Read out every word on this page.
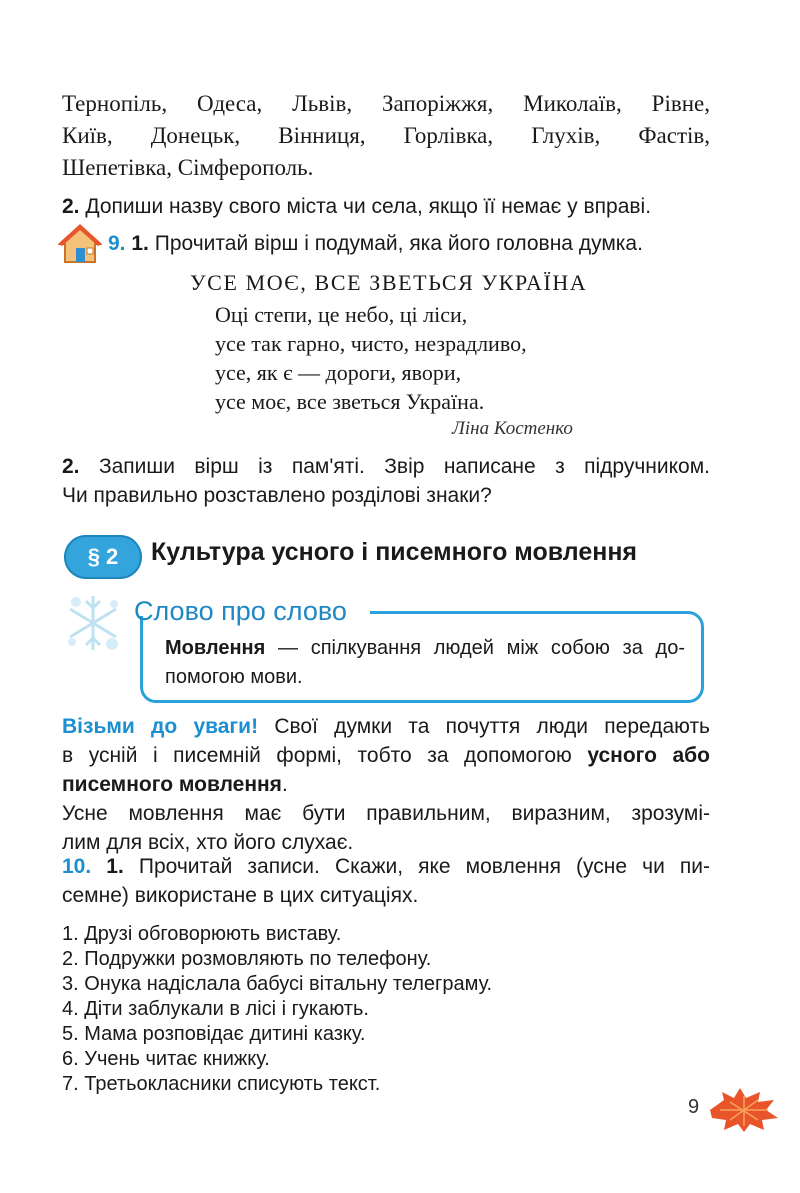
Тернопіль, Одеса, Львів, Запоріжжя, Миколаїв, Рівне,
Київ, Донецьк, Вінниця, Горлівка, Глухів, Фастів,
Шепетівка, Сімферополь.
2. Допиши назву свого міста чи села, якщо її немає у вправі.
9. 1. Прочитай вірш і подумай, яка його головна думка.
УСЕ МОЄ, ВСЕ ЗВЕТЬСЯ УКРАЇНА
Оці степи, це небо, ці ліси,
усе так гарно, чисто, незрадливо,
усе, як є — дороги, явори,
усе моє, все зветься Україна.
Ліна Костенко
2. Запиши вірш із пам'яті. Звір написане з підручником.
Чи правильно розставлено розділові знаки?
§ 2	Культура усного і писемного мовлення
Слово про слово
Мовлення — спілкування людей між собою за до-
помогою мови.
Візьми до уваги! Свої думки та почуття люди передають
в усній і писемній формі, тобто за допомогою усного або
писемного мовлення.
Усне мовлення має бути правильним, виразним, зрозумі-
лим для всіх, хто його слухає.
10. 1. Прочитай записи. Скажи, яке мовлення (усне чи пи-
семне) використане в цих ситуаціях.
1. Друзі обговорюють виставу.
2. Подружки розмовляють по телефону.
3. Онука надіслала бабусі вітальну телеграму.
4. Діти заблукали в лісі і гукають.
5. Мама розповідає дитині казку.
6. Учень читає книжку.
7. Третьокласники списують текст.
9
